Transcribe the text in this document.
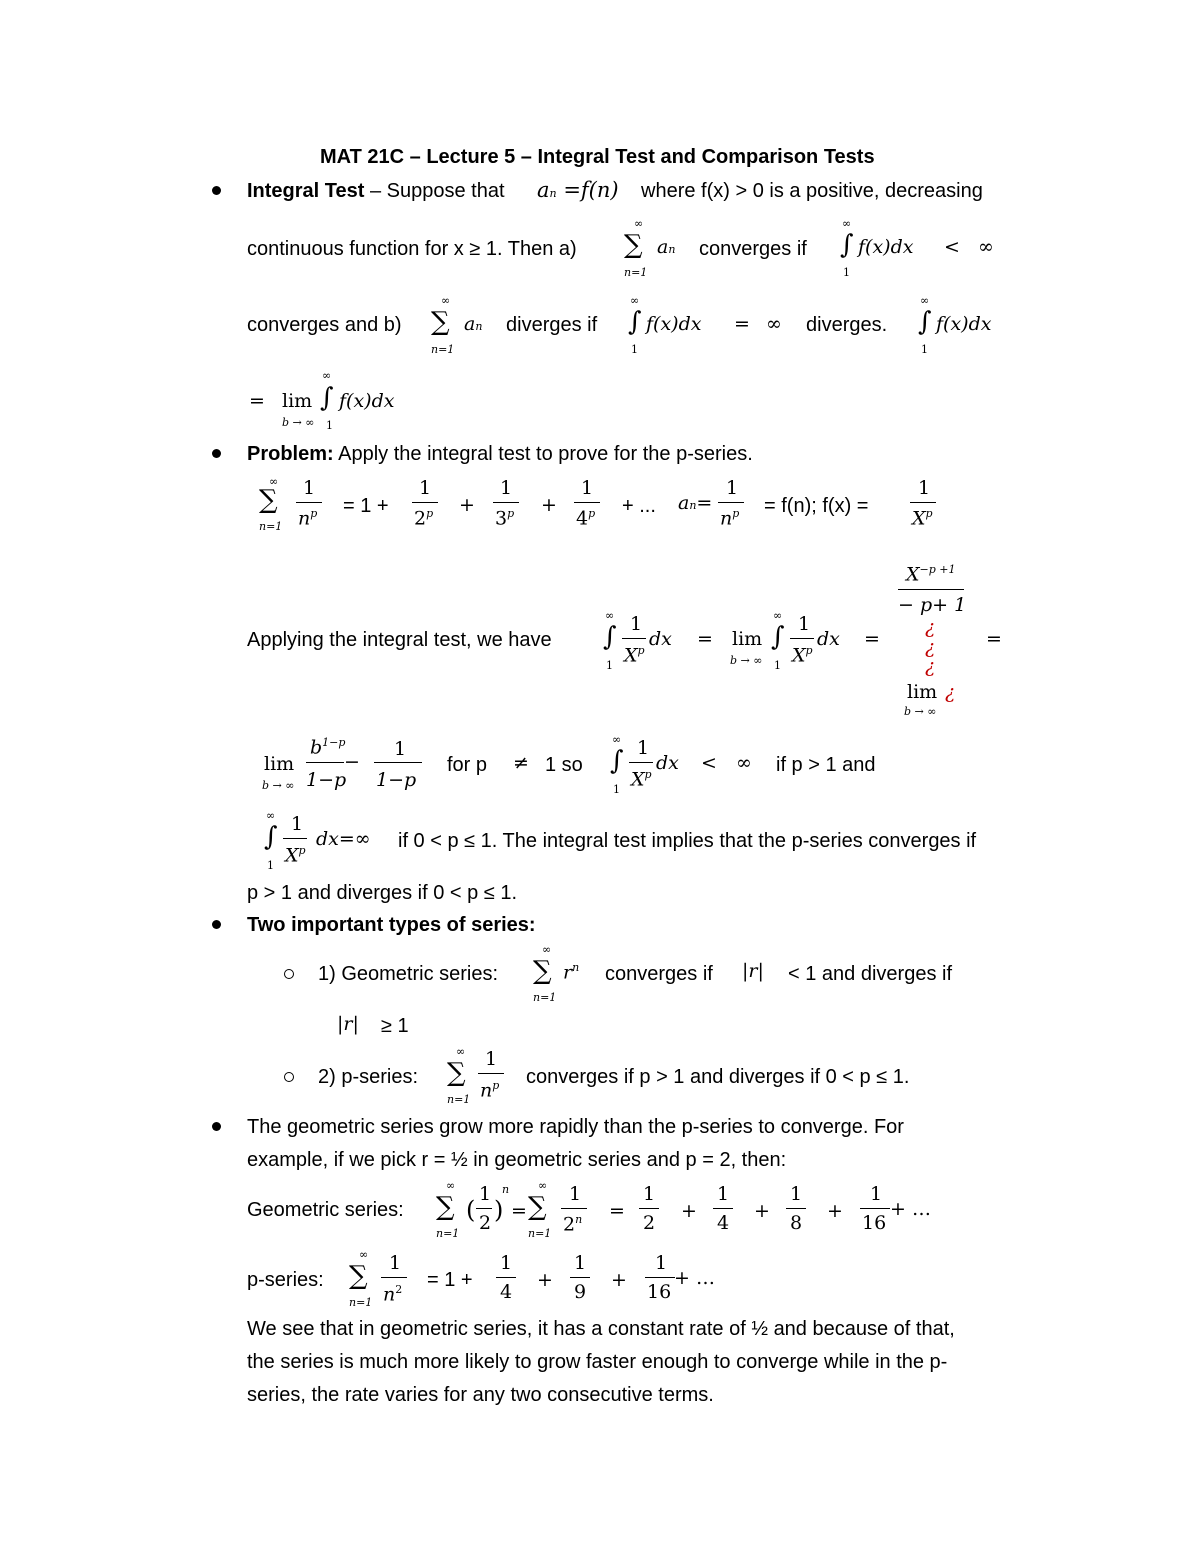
MAT 21C – Lecture 5 – Integral Test and Comparison Tests
Integral Test – Suppose that an =f(n) where f(x) > 0 is a positive, decreasing
continuous function for x ≥ 1. Then a)
∞
∑
n=1
an converges if
∞
∫
1
f(x)dx < ∞
converges and b)
∞
∑
n=1
an diverges if
∞
∫
1
f(x)dx = ∞ diverges.
∞
∫
1
f(x)dx
= lim
b → ∞
∞
∫
1
f(x)dx
Problem: Apply the integral test to prove for the p-series.
∞
∑
n=1
1
$n^p = 1$ +
1
$2^p$ +
1
$3^p$ +
1
$4^p$ + ... an=
1
$n^p = f(n)$; f(x) =
1
$X^p$
$X^{-p +1}$
− p+ 1
¿
¿
¿
lim ¿
b → ∞
Applying the integral test, we have
∞
∫
1
1
$X^p$
dx = lim
b → ∞
∞
∫
1
1
$X^p$
dx =	=
lim
b → ∞
$b^{1-p}$
1−p
−
1
1−p
for p ≠ 1 so
∞
∫
1
1
$X^p$
dx < ∞ if p > 1 and
∞
∫
1
1
$X^p$
dx=∞ if 0 < p ≤ 1. The integral test implies that the p-series converges if
p > 1 and diverges if 0 < p ≤ 1.
Two important types of series:
1) Geometric series:
∞
∑
n=1
$r^n$ converges if |r| < 1 and diverges if
|r| ≥ 1
2) p-series:
∞
∑
n=1
1
$n^p$ converges if p > 1 and diverges if 0 < p ≤ 1.
The geometric series grow more rapidly than the p-series to converge. For
example, if we pick r = ½ in geometric series and p = 2, then:
Geometric series:
∞
∑
n=1
(
1
2 )
n
=
∞
∑
n=1
1
$2^n$ =
1
2
+
1
4
+
1
8
+
1
16
+ …
p-series:
∞
∑
n=1
1
$n^2 = 1$ +
1
4
+
1
9
+
1
16
+ …
We see that in geometric series, it has a constant rate of ½ and because of that,
the series is much more likely to grow faster enough to converge while in the p-
series, the rate varies for any two consecutive terms.
